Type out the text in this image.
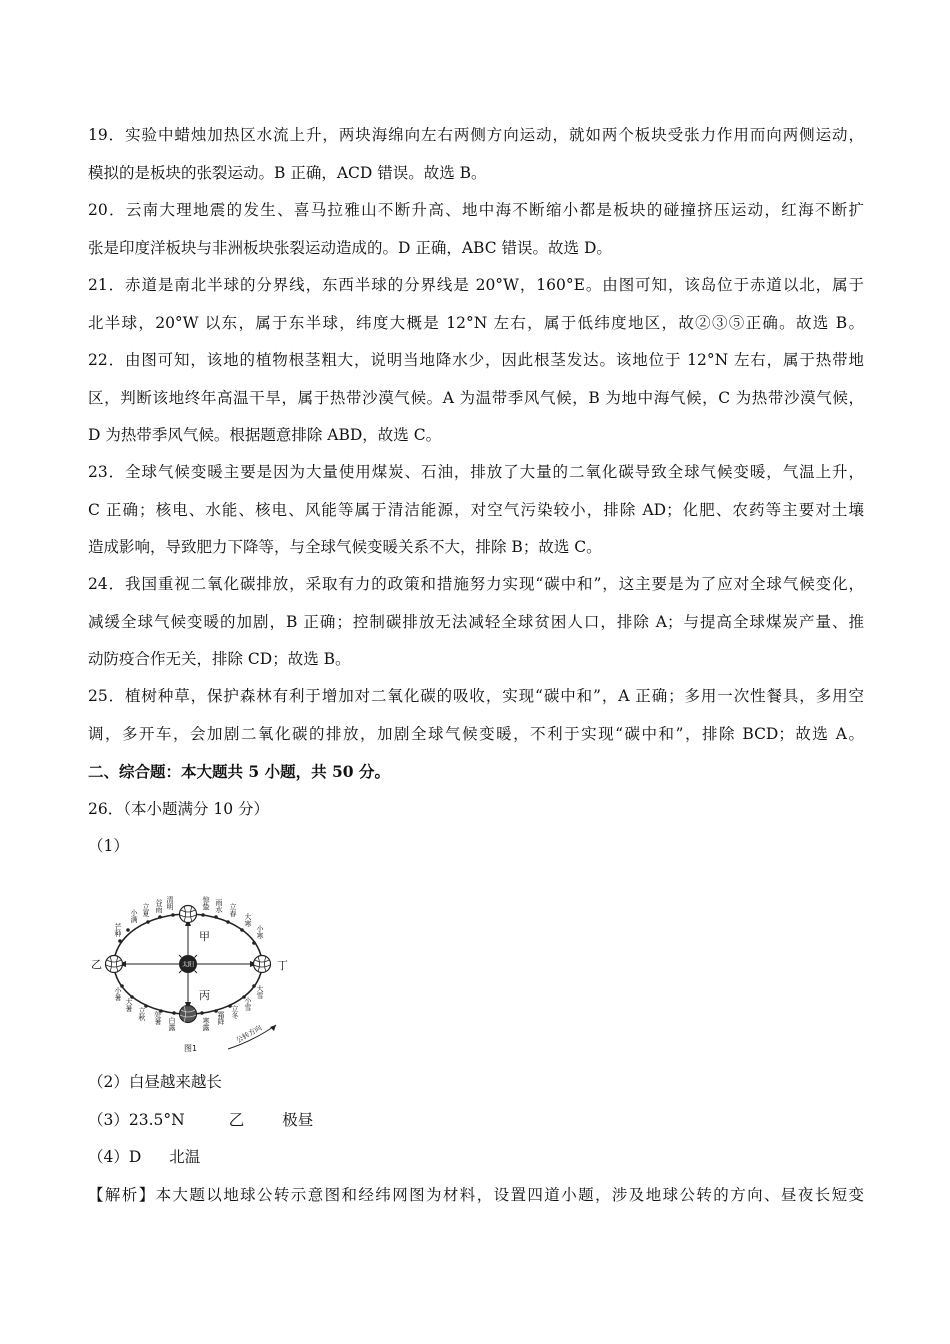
19．实验中蜡烛加热区水流上升，两块海绵向左右两侧方向运动，就如两个板块受张力作用而向两侧运动，
模拟的是板块的张裂运动。B 正确，ACD 错误。故选 B。
20．云南大理地震的发生、喜马拉雅山不断升高、地中海不断缩小都是板块的碰撞挤压运动，红海不断扩
张是印度洋板块与非洲板块张裂运动造成的。D 正确，ABC 错误。故选 D。
21．赤道是南北半球的分界线，东西半球的分界线是 20°W，160°E。由图可知，该岛位于赤道以北，属于
北半球，20°W 以东，属于东半球，纬度大概是 12°N 左右，属于低纬度地区，故②③⑤正确。故选 B。
22．由图可知，该地的植物根茎粗大，说明当地降水少，因此根茎发达。该地位于 12°N 左右，属于热带地
区，判断该地终年高温干旱，属于热带沙漠气候。A 为温带季风气候，B 为地中海气候，C 为热带沙漠气候，
D 为热带季风气候。根据题意排除 ABD，故选 C。
23．全球气候变暖主要是因为大量使用煤炭、石油，排放了大量的二氧化碳导致全球气候变暖，气温上升，
C 正确；核电、水能、核电、风能等属于清洁能源，对空气污染较小，排除 AD；化肥、农药等主要对土壤
造成影响，导致肥力下降等，与全球气候变暖关系不大，排除 B；故选 C。
24．我国重视二氧化碳排放，采取有力的政策和措施努力实现“碳中和”，这主要是为了应对全球气候变化，
减缓全球气候变暖的加剧，B 正确；控制碳排放无法减轻全球贫困人口，排除 A；与提高全球煤炭产量、推
动防疫合作无关，排除 CD；故选 B。
25．植树种草，保护森林有利于增加对二氧化碳的吸收，实现“碳中和”，A 正确；多用一次性餐具，多用空
调，多开车，会加剧二氧化碳的排放，加剧全球气候变暖，不利于实现“碳中和”，排除 BCD；故选 A。
二、综合题：本大题共 5 小题，共 50 分。
26．（本小题满分 10 分）
（1）
太阳
甲
乙
丙
丁
清明
谷雨
立夏
小满
芒种
惊蛰 雨水 立春
大寒
小寒
小暑
大暑
立秋 处暑 白露	寒露 霜降 立冬
小雪
大雪
图1
公转方向
（2）白昼越来越长
（3）23.5°N	乙 极昼
（4）D 北温
【解析】本大题以地球公转示意图和经纬网图为材料，设置四道小题，涉及地球公转的方向、昼夜长短变
